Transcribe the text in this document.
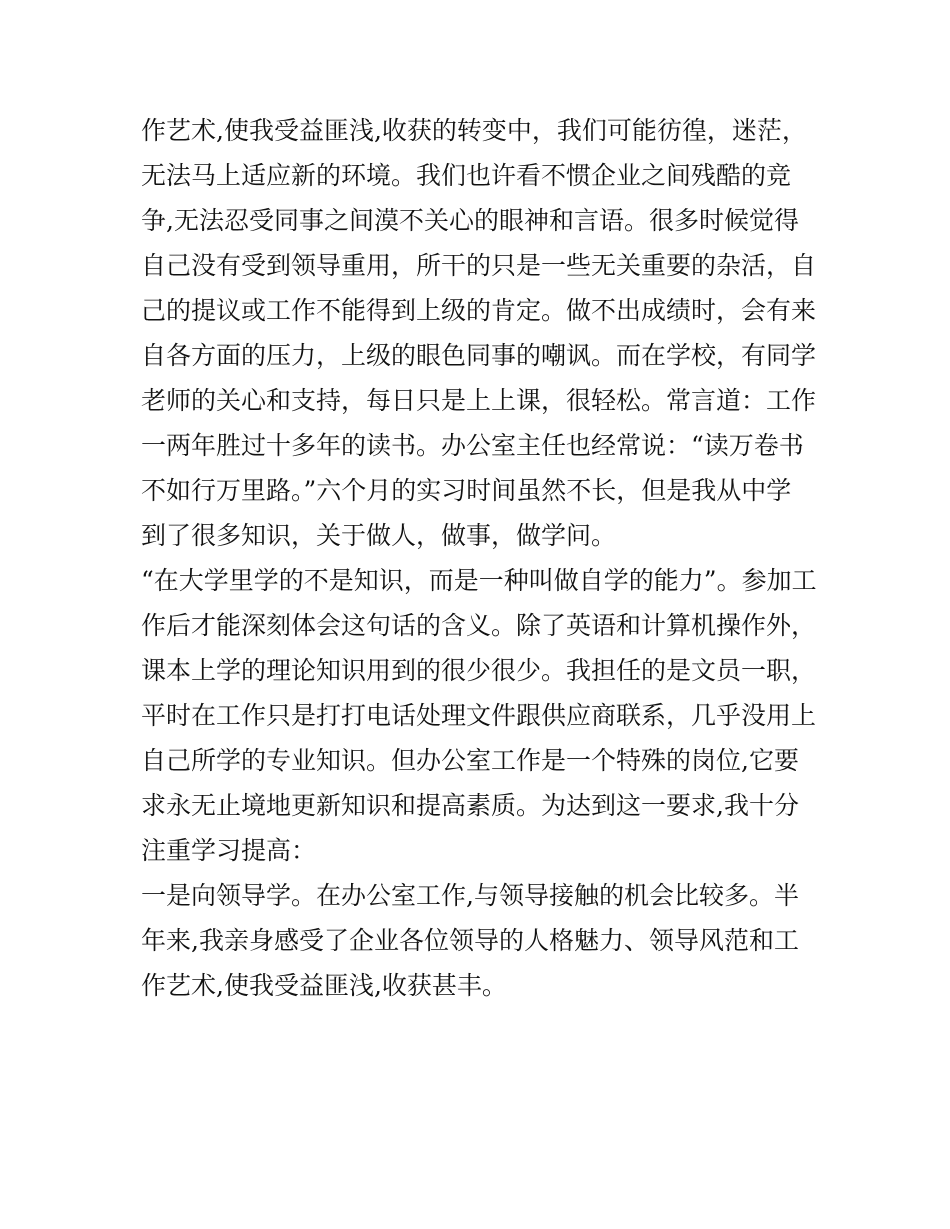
作艺术,使我受益匪浅,收获的转变中，我们可能彷徨，迷茫，
无法马上适应新的环境。我们也许看不惯企业之间残酷的竞
争,无法忍受同事之间漠不关心的眼神和言语。很多时候觉得
自己没有受到领导重用，所干的只是一些无关重要的杂活，自
己的提议或工作不能得到上级的肯定。做不出成绩时，会有来
自各方面的压力，上级的眼色同事的嘲讽。而在学校，有同学
老师的关心和支持，每日只是上上课，很轻松。常言道：工作
一两年胜过十多年的读书。办公室主任也经常说：“读万卷书
不如行万里路。”六个月的实习时间虽然不长，但是我从中学
到了很多知识，关于做人，做事，做学问。
“在大学里学的不是知识，而是一种叫做自学的能力”。参加工
作后才能深刻体会这句话的含义。除了英语和计算机操作外，
课本上学的理论知识用到的很少很少。我担任的是文员一职，
平时在工作只是打打电话处理文件跟供应商联系，几乎没用上
自己所学的专业知识。但办公室工作是一个特殊的岗位,它要
求永无止境地更新知识和提高素质。为达到这一要求,我十分
注重学习提高：
一是向领导学。在办公室工作,与领导接触的机会比较多。半
年来,我亲身感受了企业各位领导的人格魅力、领导风范和工
作艺术,使我受益匪浅,收获甚丰。
